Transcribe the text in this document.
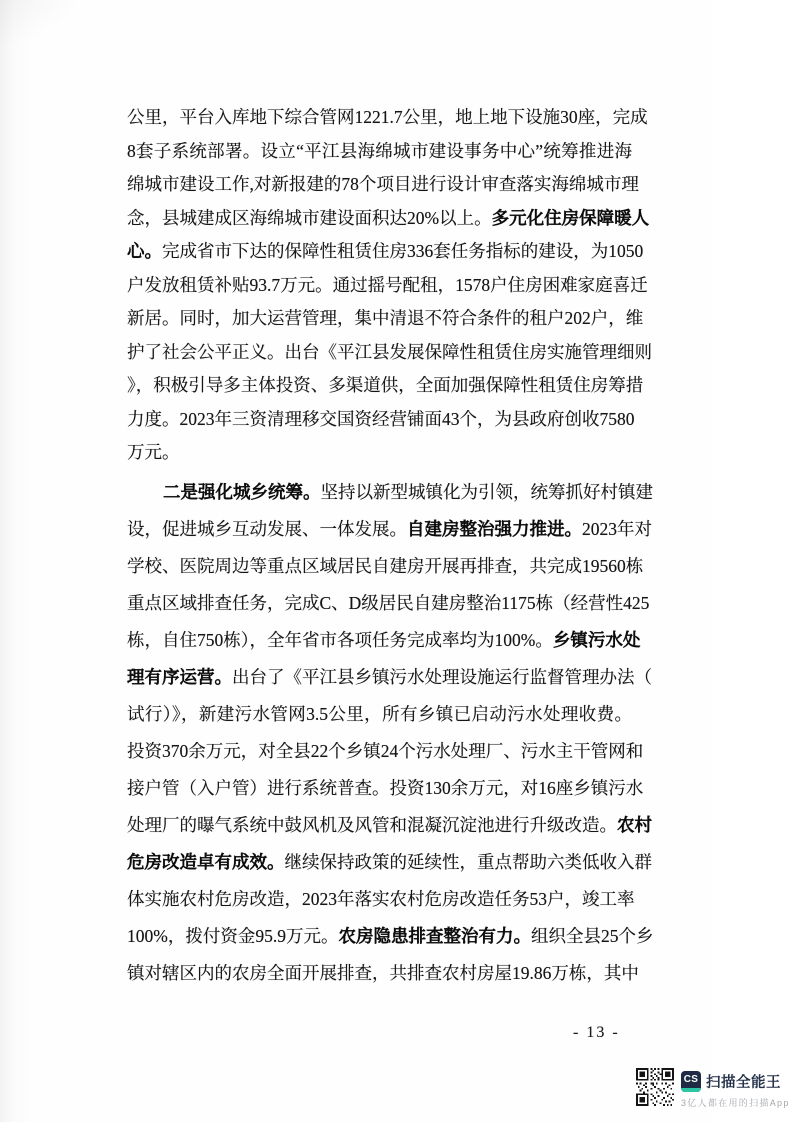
公里，平台入库地下综合管网1221.7公里，地上地下设施30座，完成
8套子系统部署。设立“平江县海绵城市建设事务中心”统筹推进海
绵城市建设工作,对新报建的78个项目进行设计审查落实海绵城市理
念，县城建成区海绵城市建设面积达20%以上。多元化住房保障暖人
心。完成省市下达的保障性租赁住房336套任务指标的建设，为1050
户发放租赁补贴93.7万元。通过摇号配租，1578户住房困难家庭喜迁
新居。同时，加大运营管理，集中清退不符合条件的租户202户，维
护了社会公平正义。出台《平江县发展保障性租赁住房实施管理细则
》，积极引导多主体投资、多渠道供，全面加强保障性租赁住房筹措
力度。2023年三资清理移交国资经营铺面43个，为县政府创收7580
万元。
二是强化城乡统筹。坚持以新型城镇化为引领，统筹抓好村镇建
设，促进城乡互动发展、一体发展。自建房整治强力推进。2023年对
学校、医院周边等重点区域居民自建房开展再排查，共完成19560栋
重点区域排查任务，完成C、D级居民自建房整治1175栋（经营性425
栋，自住750栋），全年省市各项任务完成率均为100%。乡镇污水处
理有序运营。出台了《平江县乡镇污水处理设施运行监督管理办法（
试行）》，新建污水管网3.5公里，所有乡镇已启动污水处理收费。
投资370余万元，对全县22个乡镇24个污水处理厂、污水主干管网和
接户管（入户管）进行系统普查。投资130余万元，对16座乡镇污水
处理厂的曝气系统中鼓风机及风管和混凝沉淀池进行升级改造。农村
危房改造卓有成效。继续保持政策的延续性，重点帮助六类低收入群
体实施农村危房改造，2023年落实农村危房改造任务53户，竣工率
100%，拨付资金95.9万元。农房隐患排查整治有力。组织全县25个乡
镇对辖区内的农房全面开展排查，共排查农村房屋19.86万栋，其中
- 13 -
CS 扫描全能王
3亿人都在用的扫描App
